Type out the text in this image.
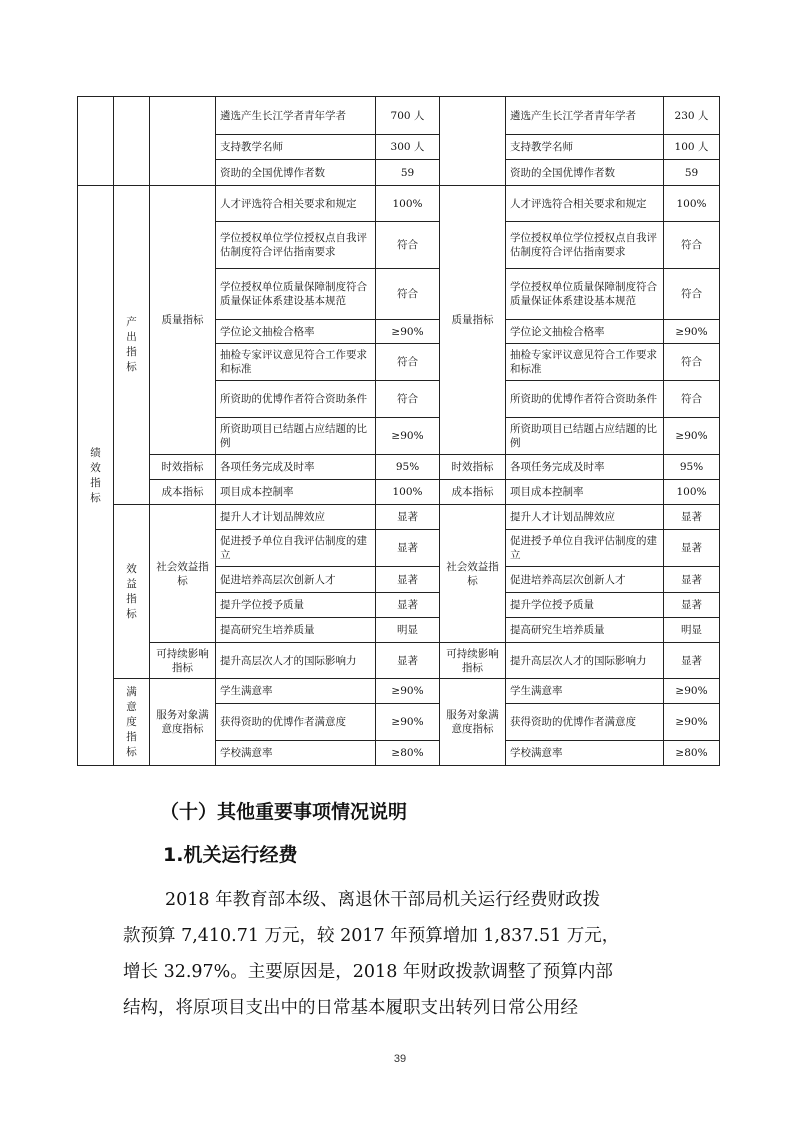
			遴选产生长江学者青年学者	700 人		遴选产生长江学者青年学者	230 人
			支持教学名师	300 人		支持教学名师	100 人
			资助的全国优博作者数	59		资助的全国优博作者数	59
绩效指标	产出指标	质量指标	人才评选符合相关要求和规定	100%	质量指标	人才评选符合相关要求和规定	100%
			学位授权单位学位授权点自我评估制度符合评估指南要求	符合		学位授权单位学位授权点自我评估制度符合评估指南要求	符合
			学位授权单位质量保障制度符合质量保证体系建设基本规范	符合		学位授权单位质量保障制度符合质量保证体系建设基本规范	符合
			学位论文抽检合格率	≥90%		学位论文抽检合格率	≥90%
			抽检专家评议意见符合工作要求和标准	符合		抽检专家评议意见符合工作要求和标准	符合
			所资助的优博作者符合资助条件	符合		所资助的优博作者符合资助条件	符合
			所资助项目已结题占应结题的比例	≥90%		所资助项目已结题占应结题的比例	≥90%
		时效指标	各项任务完成及时率	95%	时效指标	各项任务完成及时率	95%
		成本指标	项目成本控制率	100%	成本指标	项目成本控制率	100%
	效益指标	社会效益指标	提升人才计划品牌效应	显著	社会效益指标	提升人才计划品牌效应	显著
			促进授予单位自我评估制度的建立	显著		促进授予单位自我评估制度的建立	显著
			促进培养高层次创新人才	显著		促进培养高层次创新人才	显著
			提升学位授予质量	显著		提升学位授予质量	显著
			提高研究生培养质量	明显		提高研究生培养质量	明显
		可持续影响指标	提升高层次人才的国际影响力	显著	可持续影响指标	提升高层次人才的国际影响力	显著
	满意度指标	服务对象满意度指标	学生满意率	≥90%	服务对象满意度指标	学生满意率	≥90%
			获得资助的优博作者满意度	≥90%		获得资助的优博作者满意度	≥90%
			学校满意率	≥80%		学校满意率	≥80%
（十）其他重要事项情况说明
1.机关运行经费
2018 年教育部本级、离退休干部局机关运行经费财政拨
款预算 7,410.71 万元，较 2017 年预算增加 1,837.51 万元，
增长 32.97%。主要原因是，2018 年财政拨款调整了预算内部
结构，将原项目支出中的日常基本履职支出转列日常公用经
39
